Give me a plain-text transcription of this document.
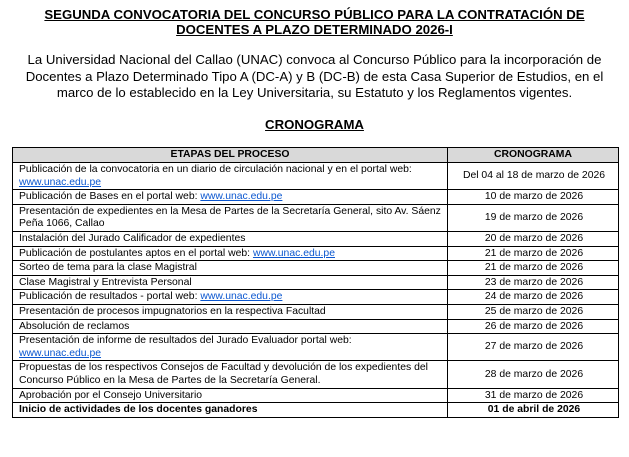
SEGUNDA CONVOCATORIA DEL CONCURSO PÚBLICO PARA LA CONTRATACIÓN DE
DOCENTES A PLAZO DETERMINADO 2026-I
La Universidad Nacional del Callao (UNAC) convoca al Concurso Público para la incorporación de Docentes a Plazo Determinado Tipo A (DC-A) y B (DC-B) de esta Casa Superior de Estudios, en el marco de lo establecido en la Ley Universitaria, su Estatuto y los Reglamentos vigentes.
CRONOGRAMA
ETAPAS DEL PROCESO	CRONOGRAMA
Publicación de la convocatoria en un diario de circulación nacional y en el portal web:
www.unac.edu.pe	Del 04 al 18 de marzo de 2026
Publicación de Bases en el portal web: www.unac.edu.pe	10 de marzo de 2026
Presentación de expedientes en la Mesa de Partes de la Secretaría General, sito Av. Sáenz Peña 1066, Callao	19 de marzo de 2026
Instalación del Jurado Calificador de expedientes	20 de marzo de 2026
Publicación de postulantes aptos en el portal web: www.unac.edu.pe	21 de marzo de 2026
Sorteo de tema para la clase Magistral	21 de marzo de 2026
Clase Magistral y Entrevista Personal	23 de marzo de 2026
Publicación de resultados - portal web: www.unac.edu.pe	24 de marzo de 2026
Presentación de procesos impugnatorios en la respectiva Facultad	25 de marzo de 2026
Absolución de reclamos	26 de marzo de 2026
Presentación de informe de resultados del Jurado Evaluador portal web:
www.unac.edu.pe	27 de marzo de 2026
Propuestas de los respectivos Consejos de Facultad y devolución de los expedientes del Concurso Público en la Mesa de Partes de la Secretaría General.	28 de marzo de 2026
Aprobación por el Consejo Universitario	31 de marzo de 2026
Inicio de actividades de los docentes ganadores	01 de abril de 2026
